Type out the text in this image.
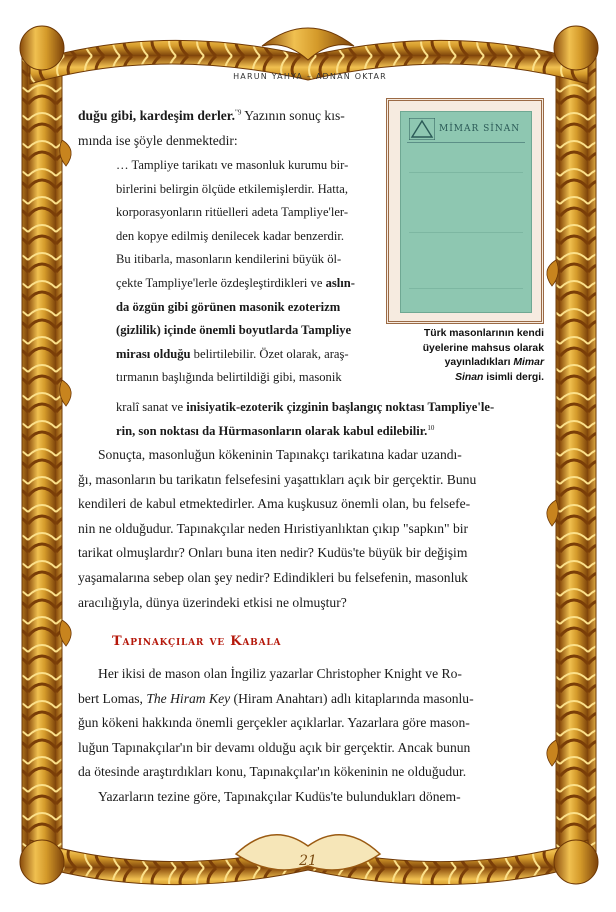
HARUN YAHYA – ADNAN OKTAR

duğu gibi, kardeşim derler.$^{"9}$ Yazının sonuç kıs-

mında ise şöyle denmektedir:

… Tampliye tarikatı ve masonluk kurumu bir-

birlerini belirgin ölçüde etkilemişlerdir. Hatta,

korporasyonların ritüelleri adeta Tampliye'ler-

den kopye edilmiş denilecek kadar benzerdir.

Bu itibarla, masonların kendilerini büyük öl-

çekte Tampliye'lerle özdeşleştirdikleri ve aslın-

da özgün gibi görünen masonik ezoterizm

(gizlilik) içinde önemli boyutlarda Tampliye

mirası olduğu belirtilebilir. Özet olarak, araş-

tırmanın başlığında belirtildiği gibi, masonik

kralî sanat ve inisiyatik-ezoterik çizginin başlangıç noktası Tampliye'le-

rin, son noktası da Hürmasonların olarak kabul edilebilir.$^{10}$

Sonuçta, masonluğun kökeninin Tapınakçı tarikatına kadar uzandı-

ğı, masonların bu tarikatın felsefesini yaşattıkları açık bir gerçektir. Bunu

kendileri de kabul etmektedirler. Ama kuşkusuz önemli olan, bu felsefe-

nin ne olduğudur. Tapınakçılar neden Hıristiyanlıktan çıkıp "sapkın" bir

tarikat olmuşlardır? Onları buna iten nedir? Kudüs'te büyük bir değişim

yaşamalarına sebep olan şey nedir? Edindikleri bu felsefenin, masonluk

aracılığıyla, dünya üzerindeki etkisi ne olmuştur?

Tapınakçılar ve Kabala

Her ikisi de mason olan İngiliz yazarlar Christopher Knight ve Ro-

bert Lomas, The Hiram Key (Hiram Anahtarı) adlı kitaplarında masonlu-

ğun kökeni hakkında önemli gerçekler açıklarlar. Yazarlara göre mason-

luğun Tapınakçılar'ın bir devamı olduğu açık bir gerçektir. Ancak bunun

da ötesinde araştırdıkları konu, Tapınakçılar'ın kökeninin ne olduğudur.

Yazarların tezine göre, Tapınakçılar Kudüs'te bulundukları dönem-

MİMAR SİNAN
Türk masonlarının kendi
üyelerine mahsus olarak
yayınladıkları Mimar
Sinan isimli dergi.
21
